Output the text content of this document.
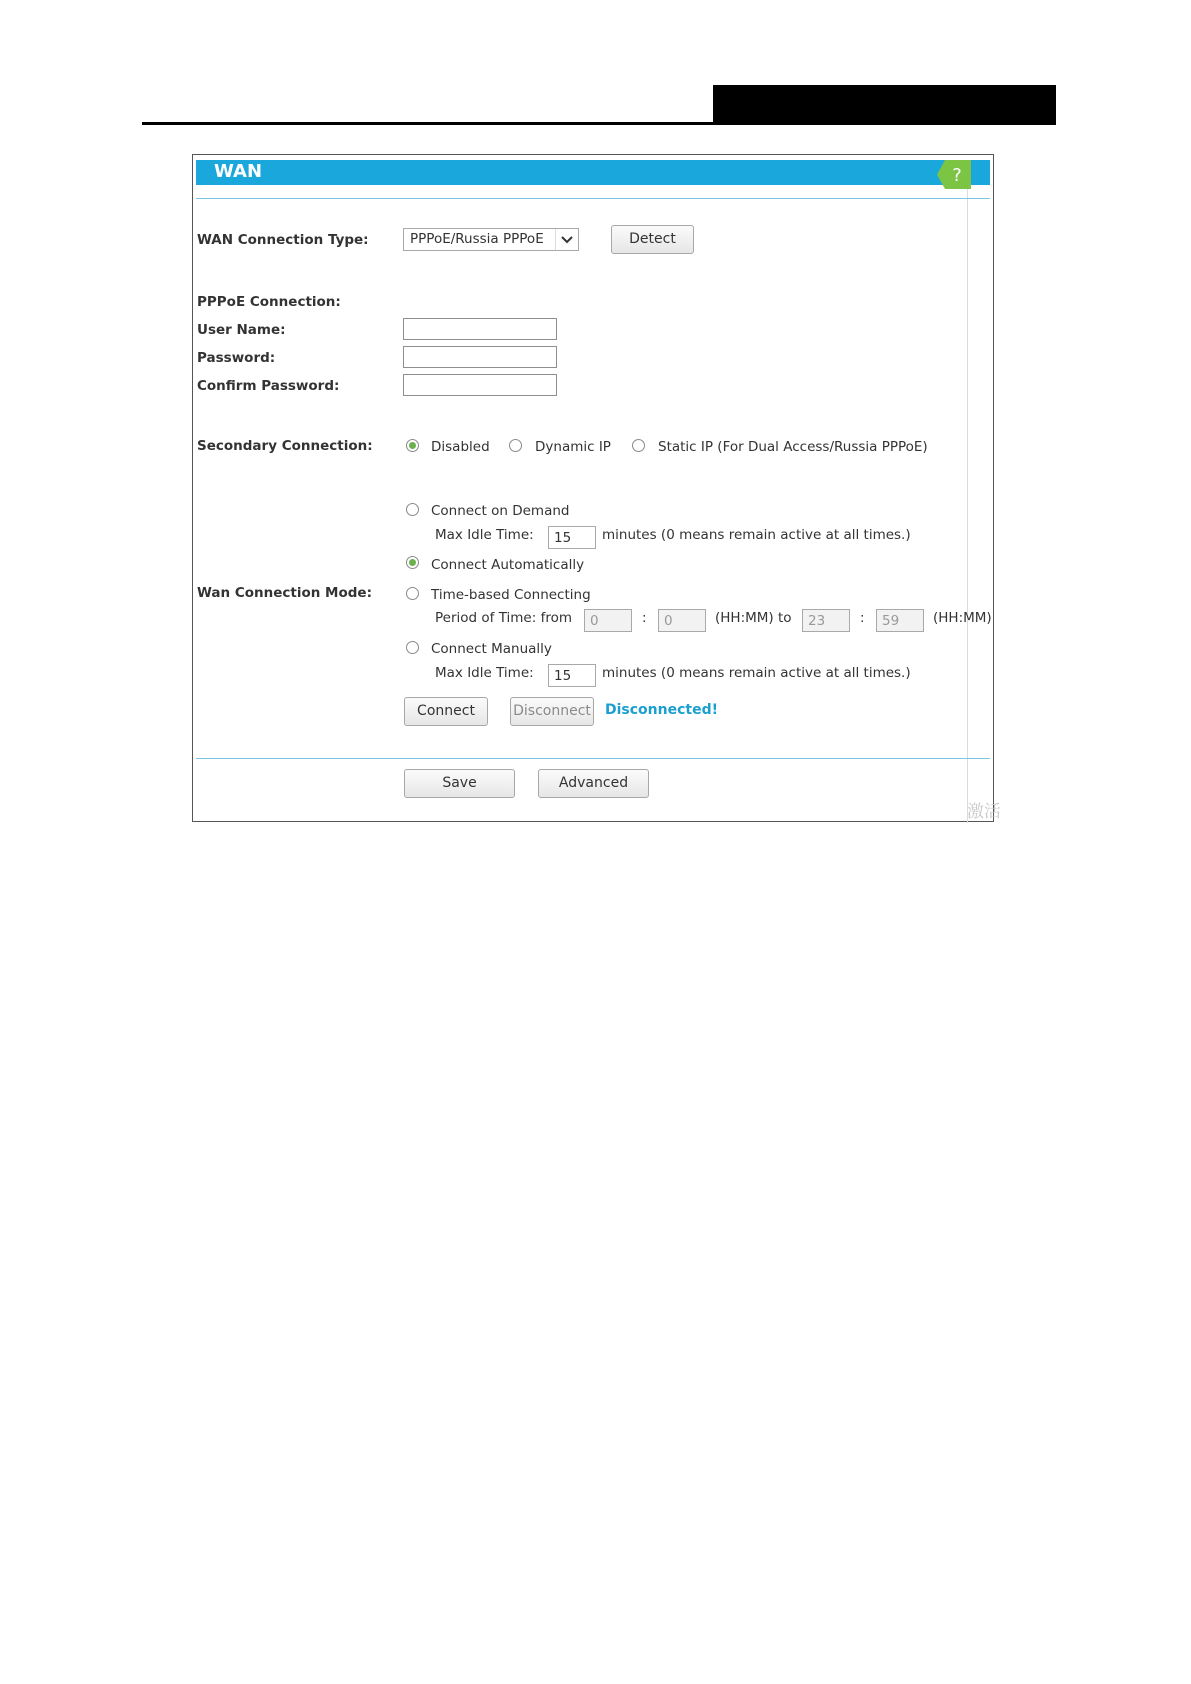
WAN	?
WAN Connection Type:	PPPoE/Russia PPPoE	Detect
PPPoE Connection:
User Name:
Password:
Confirm Password:
Secondary Connection:	Disabled	Dynamic IP	Static IP (For Dual Access/Russia PPPoE)
Connect on Demand
Max Idle Time:	15	minutes (0 means remain active at all times.)
Connect Automatically
Wan Connection Mode:	Time-based Connecting
Period of Time: from	0	:	0	(HH:MM) to	23	:	59	(HH:MM)
Connect Manually
Max Idle Time:	15	minutes (0 means remain active at all times.)
Connect	Disconnect Disconnected!
Save	Advanced
激活
